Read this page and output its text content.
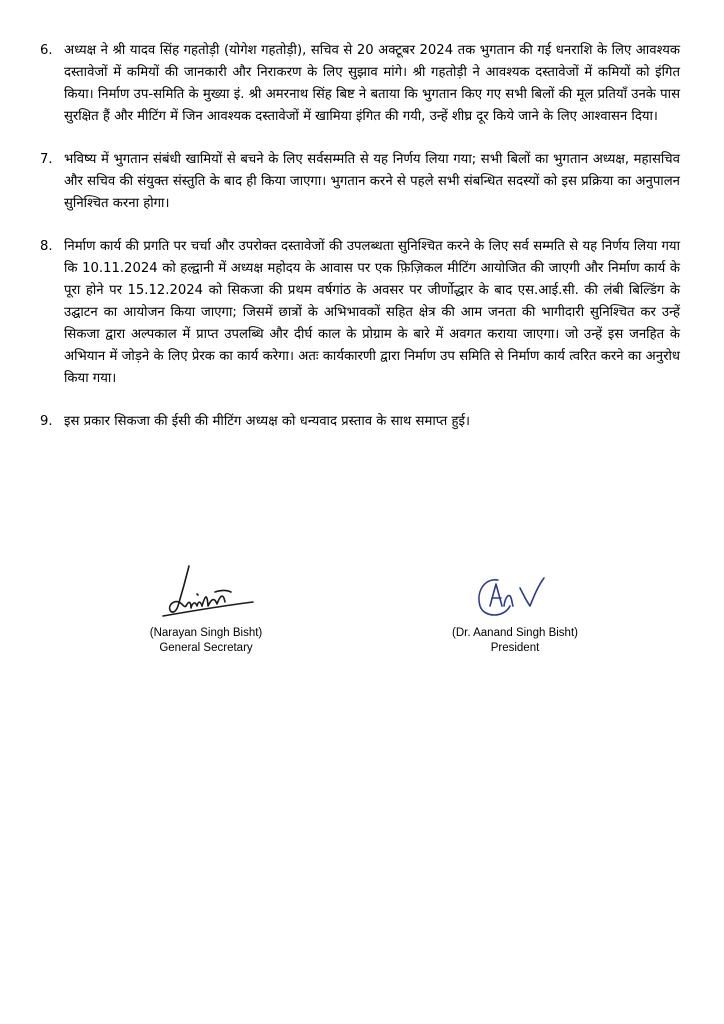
6. अध्यक्ष ने श्री यादव सिंह गहतोड़ी (योगेश गहतोड़ी), सचिव से 20 अक्टूबर 2024 तक भुगतान की गई धनराशि के लिए आवश्यक दस्तावेजों में कमियों की जानकारी और निराकरण के लिए सुझाव मांगे। श्री गहतोड़ी ने आवश्यक दस्तावेजों में कमियों को इंगित किया। निर्माण उप-समिति के मुख्या इं. श्री अमरनाथ सिंह बिष्ट ने बताया कि भुगतान किए गए सभी बिलों की मूल प्रतियाँ उनके पास सुरक्षित हैं और मीटिंग में जिन आवश्यक दस्तावेजों में खामिया इंगित की गयी, उन्हें शीघ्र दूर किये जाने के लिए आश्वासन दिया।
7. भविष्य में भुगतान संबंधी खामियों से बचने के लिए सर्वसम्मति से यह निर्णय लिया गया; सभी बिलों का भुगतान अध्यक्ष, महासचिव और सचिव की संयुक्त संस्तुति के बाद ही किया जाएगा। भुगतान करने से पहले सभी संबन्धित सदस्यों को इस प्रक्रिया का अनुपालन सुनिश्चित करना होगा।
8. निर्माण कार्य की प्रगति पर चर्चा और उपरोक्त दस्तावेजों की उपलब्धता सुनिश्चित करने के लिए सर्व सम्मति से यह निर्णय लिया गया कि 10.11.2024 को हल्द्वानी में अध्यक्ष महोदय के आवास पर एक फ़िज़िकल मीटिंग आयोजित की जाएगी और निर्माण कार्य के पूरा होने पर 15.12.2024 को सिकजा की प्रथम वर्षगांठ के अवसर पर जीर्णोद्धार के बाद एस.आई.सी. की लंबी बिल्डिंग के उद्घाटन का आयोजन किया जाएगा; जिसमें छात्रों के अभिभावकों सहित क्षेत्र की आम जनता की भागीदारी सुनिश्चित कर उन्हें सिकजा द्वारा अल्पकाल में प्राप्त उपलब्धि और दीर्घ काल के प्रोग्राम के बारे में अवगत कराया जाएगा। जो उन्हें इस जनहित के अभियान में जोड़ने के लिए प्रेरक का कार्य करेगा। अतः कार्यकारणी द्वारा निर्माण उप समिति से निर्माण कार्य त्वरित करने का अनुरोध किया गया।
9. इस प्रकार सिकजा की ईसी की मीटिंग अध्यक्ष को धन्यवाद प्रस्ताव के साथ समाप्त हुई।
(Narayan Singh Bisht)
General Secretary
(Dr. Aanand Singh Bisht)
President
